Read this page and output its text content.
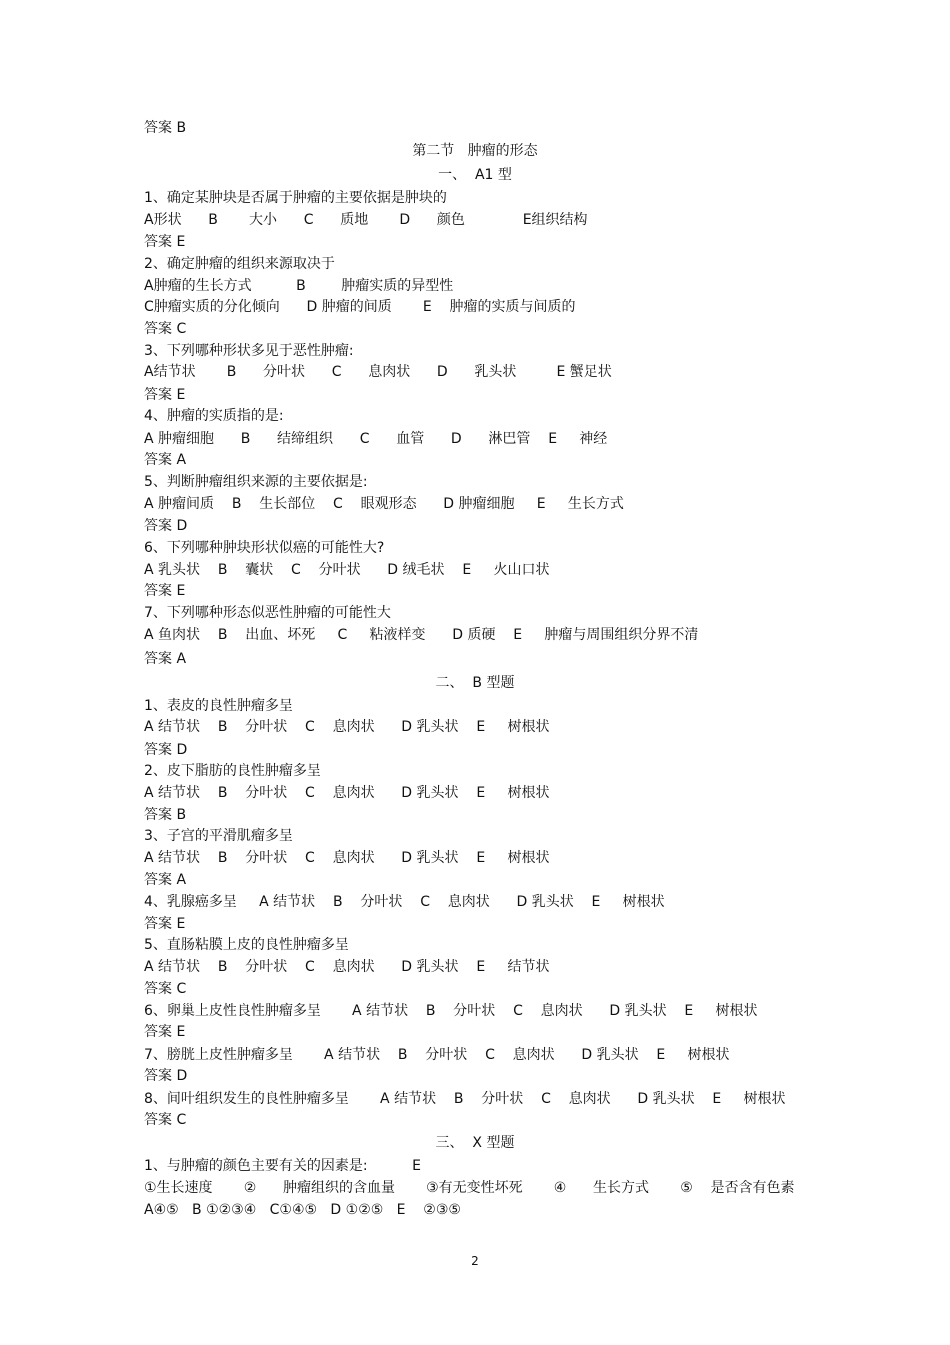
答案 B
第二节   肿瘤的形态
一、  A1 型
1、确定某肿块是否属于肿瘤的主要依据是肿块的
A形状      B       大小      C      质地       D      颜色             E组织结构
答案 E
2、确定肿瘤的组织来源取决于
A肿瘤的生长方式          B        肿瘤实质的异型性
C肿瘤实质的分化倾向      D 肿瘤的间质       E    肿瘤的实质与间质的
答案 C
3、下列哪种形状多见于恶性肿瘤:
A结节状       B      分叶状      C      息肉状      D      乳头状         E 蟹足状
答案 E
4、肿瘤的实质指的是:
A 肿瘤细胞      B      结缔组织      C      血管      D      淋巴管    E     神经
答案 A
5、判断肿瘤组织来源的主要依据是:
A 肿瘤间质    B    生长部位    C    眼观形态      D 肿瘤细胞     E     生长方式
答案 D
6、下列哪种肿块形状似癌的可能性大?
A 乳头状    B    囊状    C    分叶状      D 绒毛状    E     火山口状
答案 E
7、下列哪种形态似恶性肿瘤的可能性大
A 鱼肉状    B    出血、坏死     C     粘液样变      D 质硬    E     肿瘤与周围组织分界不清
答案 A
二、  B 型题
1、表皮的良性肿瘤多呈
A 结节状    B    分叶状    C    息肉状      D 乳头状    E     树根状
答案 D
2、皮下脂肪的良性肿瘤多呈
A 结节状    B    分叶状    C    息肉状      D 乳头状    E     树根状
答案 B
3、子宫的平滑肌瘤多呈
A 结节状    B    分叶状    C    息肉状      D 乳头状    E     树根状
答案 A
4、乳腺癌多呈     A 结节状    B    分叶状    C    息肉状      D 乳头状    E     树根状
答案 E
5、直肠粘膜上皮的良性肿瘤多呈
A 结节状    B    分叶状    C    息肉状      D 乳头状    E     结节状
答案 C
6、卵巢上皮性良性肿瘤多呈       A 结节状    B    分叶状    C    息肉状      D 乳头状    E     树根状
答案 E
7、膀胱上皮性肿瘤多呈       A 结节状    B    分叶状    C    息肉状      D 乳头状    E     树根状
答案 D
8、间叶组织发生的良性肿瘤多呈       A 结节状    B    分叶状    C    息肉状      D 乳头状    E     树根状
答案 C
三、  X 型题
1、与肿瘤的颜色主要有关的因素是:          E
①生长速度       ②      肿瘤组织的含血量       ③有无变性坏死       ④      生长方式       ⑤    是否含有色素
A④⑤   B ①②③④   C①④⑤   D ①②⑤   E    ②③⑤
2
